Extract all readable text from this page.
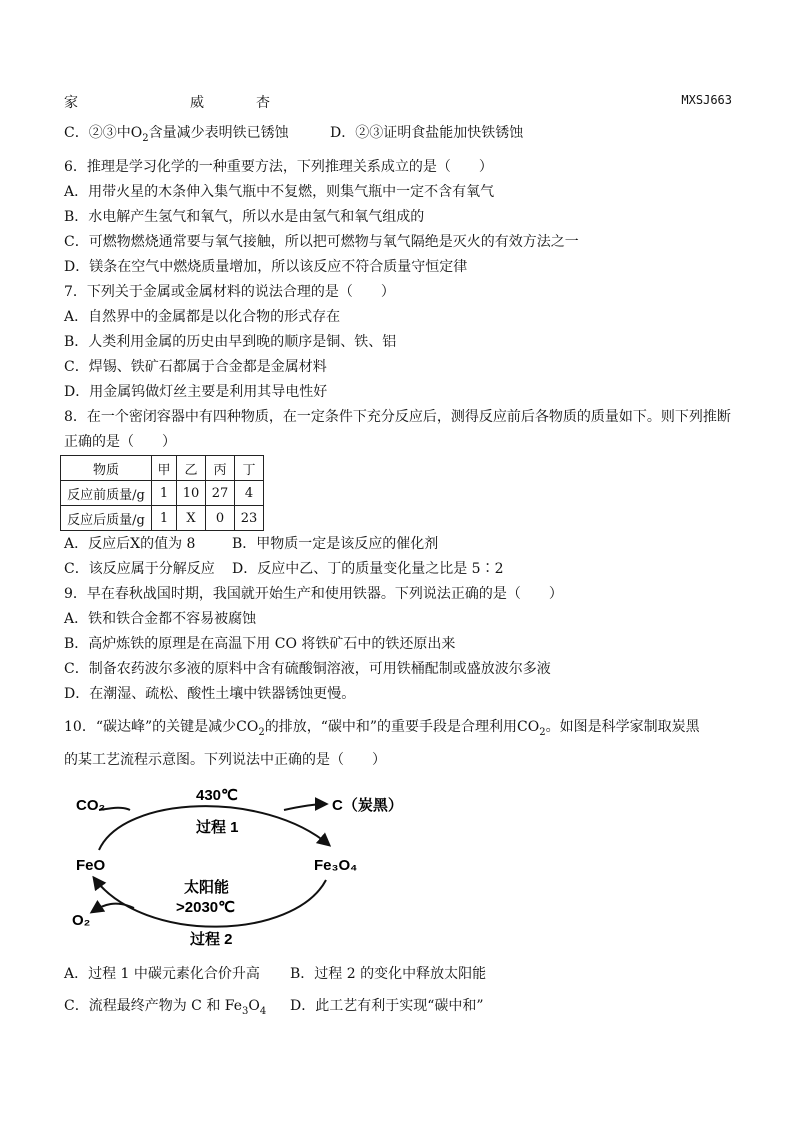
家	威	杏	MXSJ663
C．②③中$O_2$含量减少表明铁已锈蚀	D．②③证明食盐能加快铁锈蚀
6．推理是学习化学的一种重要方法，下列推理关系成立的是（　　）
A．用带火星的木条伸入集气瓶中不复燃，则集气瓶中一定不含有氧气
B．水电解产生氢气和氧气，所以水是由氢气和氧气组成的
C．可燃物燃烧通常要与氧气接触，所以把可燃物与氧气隔绝是灭火的有效方法之一
D．镁条在空气中燃烧质量增加，所以该反应不符合质量守恒定律
7．下列关于金属或金属材料的说法合理的是（　　）
A．自然界中的金属都是以化合物的形式存在
B．人类利用金属的历史由早到晚的顺序是铜、铁、铝
C．焊锡、铁矿石都属于合金都是金属材料
D．用金属钨做灯丝主要是利用其导电性好
8．在一个密闭容器中有四种物质，在一定条件下充分反应后，测得反应前后各物质的质量如下。则下列推断
正确的是（　　）
物质	甲	乙	丙	丁
反应前质量/g	1	10	27	4
反应后质量/g	1	X	0	23
A．反应后X的值为 8	B．甲物质一定是该反应的催化剂
C．该反应属于分解反应 D．反应中乙、丁的质量变化量之比是 5∶2
9．早在春秋战国时期，我国就开始生产和使用铁器。下列说法正确的是（　　）
A．铁和铁合金都不容易被腐蚀
B．高炉炼铁的原理是在高温下用 CO 将铁矿石中的铁还原出来
C．制备农药波尔多液的原料中含有硫酸铜溶液，可用铁桶配制或盛放波尔多液
D．在潮湿、疏松、酸性土壤中铁器锈蚀更慢。
10．“碳达峰”的关键是减少$CO_2$的排放，“碳中和”的重要手段是合理利用$CO_2$。如图是科学家制取炭黑
的某工艺流程示意图。下列说法中正确的是（　　）
CO₂
430℃
过程 1
C（炭黑）
FeO	Fe₃O₄
太阳能
>2030℃
O₂
过程 2
A．过程 1 中碳元素化合价升高 B．过程 2 的变化中释放太阳能
C．流程最终产物为 C 和 $Fe_3O_4$ D．此工艺有利于实现“碳中和”
